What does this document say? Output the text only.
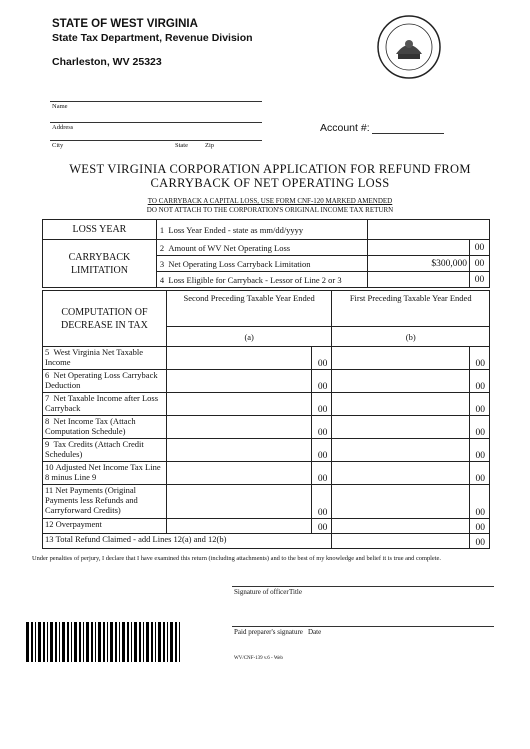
STATE OF WEST VIRGINIA
State Tax Department, Revenue Division
Charleston, WV 25323
Name
Address
City	State	Zip
Account #:
WEST VIRGINIA CORPORATION APPLICATION FOR REFUND FROM
CARRYBACK OF NET OPERATING LOSS
TO CARRYBACK A CAPITAL LOSS, USE FORM CNF-120 MARKED AMENDED
DO NOT ATTACH TO THE CORPORATION'S ORIGINAL INCOME TAX RETURN
LOSS YEAR	1 Loss Year Ended - state as mm/dd/yyyy		
CARRYBACK LIMITATION	2 Amount of WV Net Operating Loss		00
	3 Net Operating Loss Carryback Limitation	$300,000	00
	4 Loss Eligible for Carryback - Lessor of Line 2 or 3		00
COMPUTATION OF DECREASE IN TAX	Second Preceding Taxable Year Ended		First Preceding Taxable Year Ended	
	(a)		(b)	

5 West Virginia Net Taxable Income		00		00

6 Net Operating Loss Carryback Deduction		00		00

7 Net Taxable Income after Loss Carryback		00		00

8 Net Income Tax (Attach Computation Schedule)		00		00

9 Tax Credits (Attach Credit Schedules)		00		00

10 Adjusted Net Income Tax Line 8 minus Line 9		00		00

11 Net Payments (Original Payments less Refunds and Carryforward Credits)		00		00

12 Overpayment		00		00

13 Total Refund Claimed - add Lines 12(a) and 12(b)				00
Under penalties of perjury, I declare that I have examined this return (including attachments) and to the best of my knowledge and belief it is true and complete.
Signature of officer Title
Paid preparer's signature Date
WV/CNF-139 v.6 - Web
